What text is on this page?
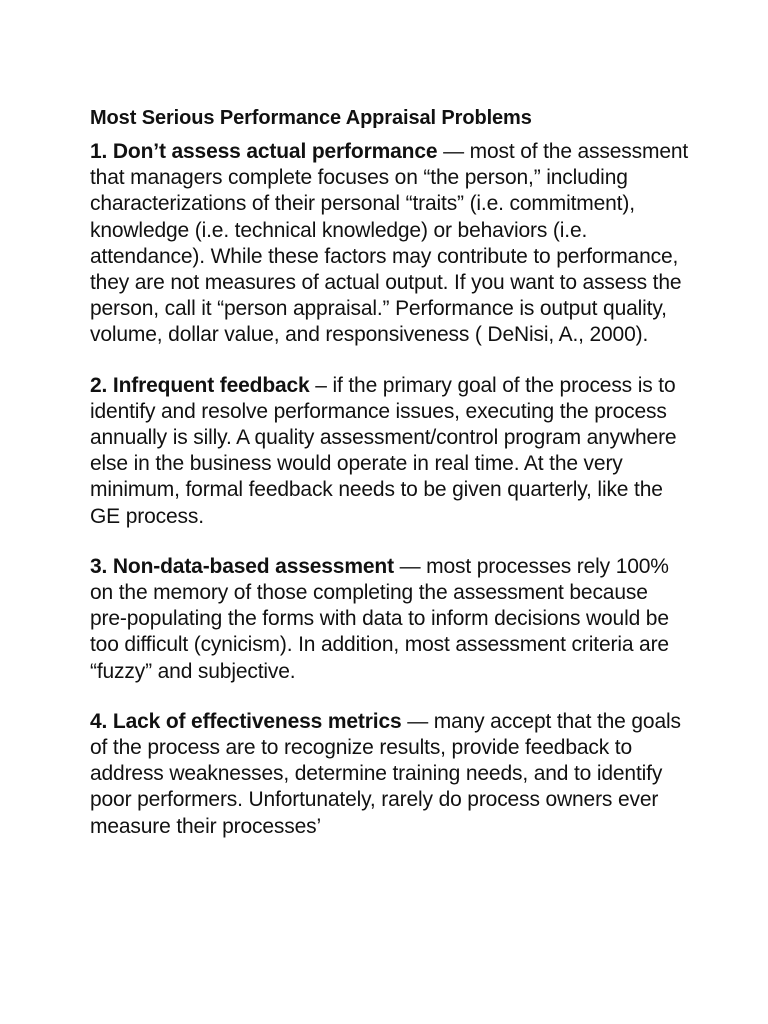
Most Serious Performance Appraisal Problems

1. Don’t assess actual performance — most of the assessment that managers complete focuses on “the person,” including characterizations of their personal “traits” (i.e. commitment), knowledge (i.e. technical knowledge) or behaviors (i.e. attendance). While these factors may contribute to performance, they are not measures of actual output. If you want to assess the person, call it “person appraisal.” Performance is output quality, volume, dollar value, and responsiveness ( DeNisi, A., 2000).

2. Infrequent feedback – if the primary goal of the process is to identify and resolve performance issues, executing the process annually is silly. A quality assessment/control program anywhere else in the business would operate in real time. At the very minimum, formal feedback needs to be given quarterly, like the GE process.

3. Non-data-based assessment — most processes rely 100% on the memory of those completing the assessment because pre-populating the forms with data to inform decisions would be too difficult (cynicism). In addition, most assessment criteria are “fuzzy” and subjective.

4. Lack of effectiveness metrics — many accept that the goals of the process are to recognize results, provide feedback to address weaknesses, determine training needs, and to identify poor performers. Unfortunately, rarely do process owners ever measure their processes’
